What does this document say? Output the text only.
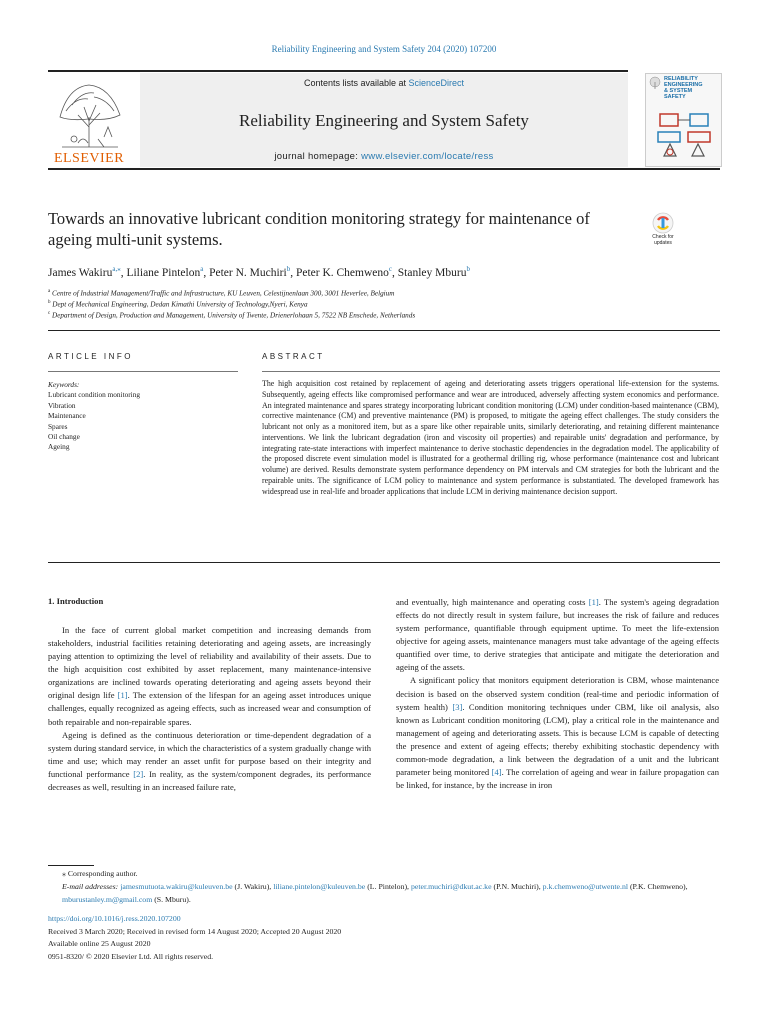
Reliability Engineering and System Safety 204 (2020) 107200
ELSEVIER
Contents lists available at ScienceDirect
Reliability Engineering and System Safety
journal homepage: www.elsevier.com/locate/ress
RELIABILITY
ENGINEERING
& SYSTEM
SAFETY
Towards an innovative lubricant condition monitoring strategy for maintenance of ageing multi-unit systems.	Check for
updates
James Wakiru$^{a,⁎}$, Liliane Pintelon$^a$, Peter N. Muchiri$^b$, Peter K. Chemweno$^c$, Stanley Mburu$^b$
$^a$ Centre of Industrial Management/Traffic and Infrastructure, KU Leuven, Celestijnenlaan 300, 3001 Heverlee, Belgium
$^b$ Dept of Mechanical Engineering, Dedan Kimathi University of Technology,Nyeri, Kenya
$^c$ Department of Design, Production and Management, University of Twente, Drienerlohaan 5, 7522 NB Enschede, Netherlands
ARTICLE INFO	ABSTRACT
Keywords:
Lubricant condition monitoring
Vibration
Maintenance
Spares
Oil change
Ageing
The high acquisition cost retained by replacement of ageing and deteriorating assets triggers operational life-extension for the systems. Subsequently, ageing effects like compromised performance and wear are introduced, adversely affecting system economics and performance. An integrated maintenance and spares strategy incorporating lubricant condition monitoring (LCM) under condition-based maintenance (CBM), corrective maintenance (CM) and preventive maintenance (PM) is proposed, to mitigate the ageing effect challenges. The study considers the lubricant not only as a monitored item, but as a spare like other repairable units, similarly deteriorating, and retaining different maintenance interventions. We link the lubricant degradation (iron and viscosity oil properties) and repairable units' degradation and performance, by integrating rate-state interactions with imperfect maintenance to derive stochastic dependencies in the degradation model. The applicability of the proposed discrete event simulation model is illustrated for a geothermal drilling rig, whose performance (maintenance cost and lubricant volume) are derived. Results demonstrate system performance dependency on PM intervals and CM strategies for both the lubricant and the repairable units. The significance of LCM policy to maintenance and system performance is substantiated. The developed framework has widespread use in real-life and broader applications that include LCM in deriving maintenance decision support.
1. Introduction

In the face of current global market competition and increasing demands from stakeholders, industrial facilities retaining deteriorating and ageing assets, are increasingly paying attention to optimizing the level of reliability and availability of their assets. Due to the high acquisition cost exhibited by asset replacement, many maintenance-intensive organizations are inclined towards operating deteriorating and ageing assets beyond their original design life [1]. The extension of the lifespan for an ageing asset introduces unique challenges, equally recognized as ageing effects, such as increased wear and consumption of both repairable and non-repairable spares.

Ageing is defined as the continuous deterioration or time-dependent degradation of a system during standard service, in which the characteristics of a system gradually change with time and use; which may render an asset unfit for purpose based on their integrity and functional performance [2]. In reality, as the system/component degrades, its performance decreases as well, resulting in an increased failure rate,

and eventually, high maintenance and operating costs [1]. The system's ageing degradation effects do not directly result in system failure, but increases the risk of failure and reduces system performance, quantifiable through equipment uptime. To meet the life-extension objective for ageing assets, maintenance managers must take advantage of the ageing effects quantified over time, to derive strategies that anticipate and mitigate the deterioration and ageing of the assets.

A significant policy that monitors equipment deterioration is CBM, whose maintenance decision is based on the observed system condition (real-time and periodic information of system health) [3]. Condition monitoring techniques under CBM, like oil analysis, also known as Lubricant condition monitoring (LCM), play a critical role in the maintenance and management of ageing and deteriorating assets. This is because LCM is capable of detecting the presence and extent of ageing effects; thereby exhibiting stochastic dependency with common-mode degradation, a link between the degradation of a unit and the lubricant parameter being monitored [4]. The correlation of ageing and wear in failure propagation can be linked, for instance, by the increase in iron

⁎ Corresponding author.

E-mail addresses: jamesmutuota.wakiru@kuleuven.be (J. Wakiru), liliane.pintelon@kuleuven.be (L. Pintelon), peter.muchiri@dkut.ac.ke (P.N. Muchiri), p.k.chemweno@utwente.nl (P.K. Chemweno), mburustanley.m@gmail.com (S. Mburu).

https://doi.org/10.1016/j.ress.2020.107200

Received 3 March 2020; Received in revised form 14 August 2020; Accepted 20 August 2020

Available online 25 August 2020

0951-8320/ © 2020 Elsevier Ltd. All rights reserved.
